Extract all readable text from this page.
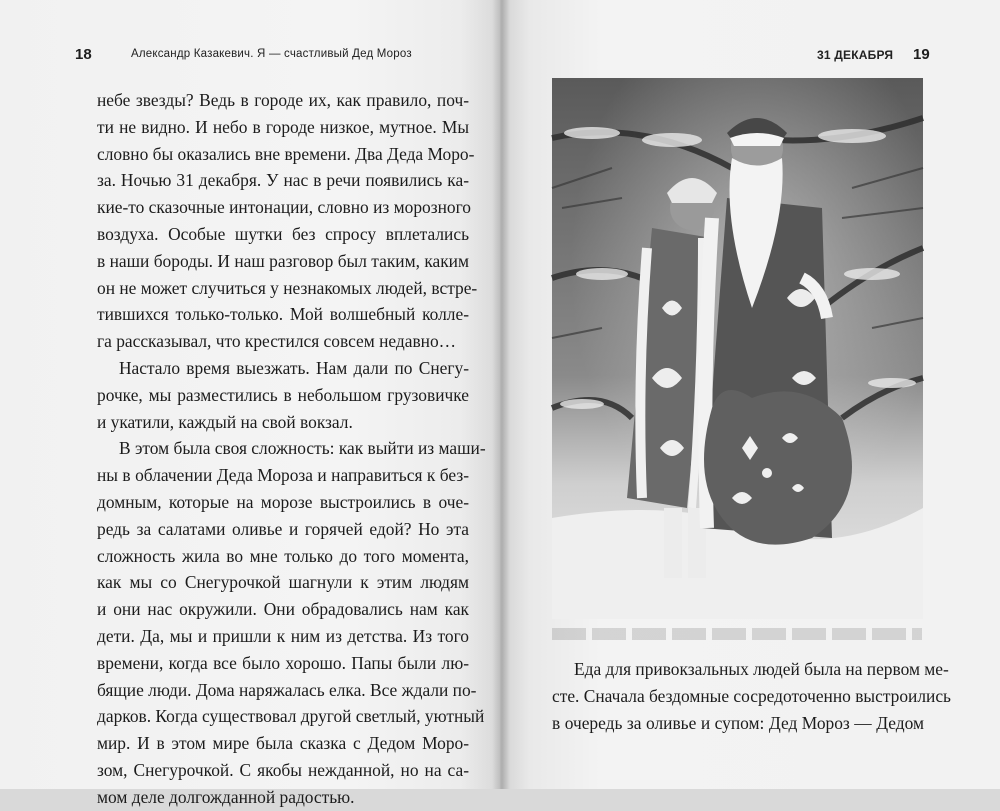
18	Александр Казакевич. Я — счастливый Дед Мороз
небе звезды? Ведь в городе их, как правило, поч-
ти не видно. И небо в городе низкое, мутное. Мы
словно бы оказались вне времени. Два Деда Моро-
за. Ночью 31 декабря. У нас в речи появились ка-
кие-то сказочные интонации, словно из морозного
воздуха. Особые шутки без спросу вплетались
в наши бороды. И наш разговор был таким, каким
он не может случиться у незнакомых людей, встре-
тившихся только-только. Мой волшебный колле-
га рассказывал, что крестился совсем недавно…
Настало время выезжать. Нам дали по Снегу-
рочке, мы разместились в небольшом грузовичке
и укатили, каждый на свой вокзал.
В этом была своя сложность: как выйти из маши-
ны в облачении Деда Мороза и направиться к без-
домным, которые на морозе выстроились в оче-
редь за салатами оливье и горячей едой? Но эта
сложность жила во мне только до того момента,
как мы со Снегурочкой шагнули к этим людям
и они нас окружили. Они обрадовались нам как
дети. Да, мы и пришли к ним из детства. Из того
времени, когда все было хорошо. Папы были лю-
бящие люди. Дома наряжалась елка. Все ждали по-
дарков. Когда существовал другой светлый, уютный
мир. И в этом мире была сказка с Дедом Моро-
зом, Снегурочкой. С якобы нежданной, но на са-
мом деле долгожданной радостью.
31 ДЕКАБРЯ 19
Еда для привокзальных людей была на первом ме-
сте. Сначала бездомные сосредоточенно выстроились
в очередь за оливье и супом: Дед Мороз — Дедом
